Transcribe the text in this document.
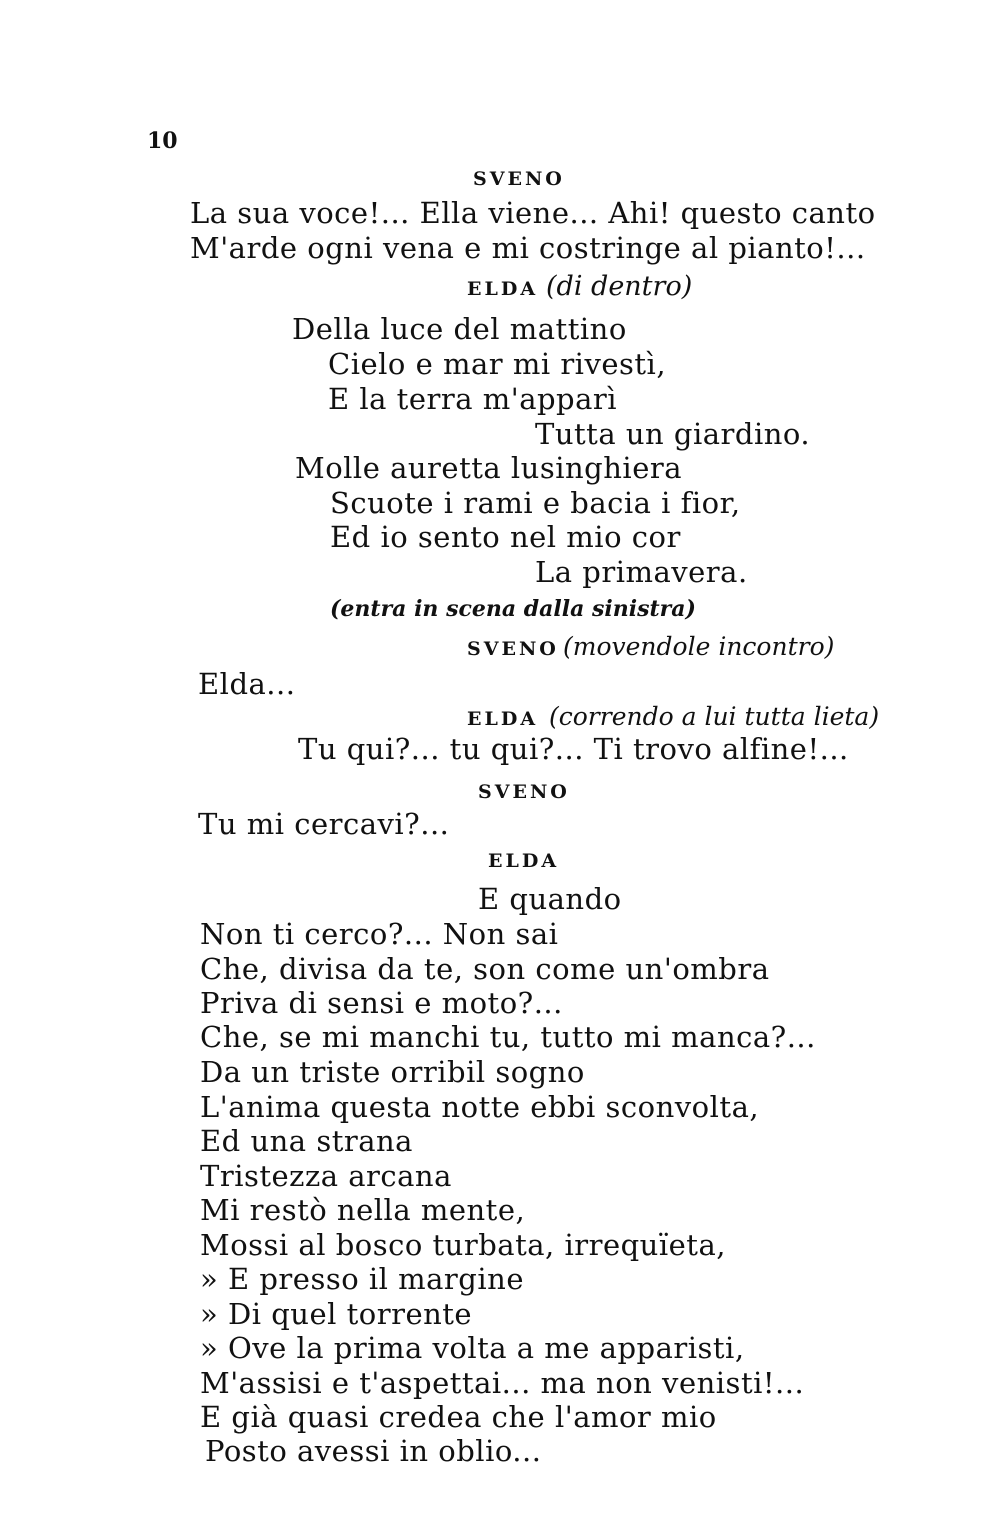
10
SVENO
La sua voce!... Ella viene... Ahi! questo canto
M'arde ogni vena e mi costringe al pianto!...
ELDA (di dentro)
Della luce del mattino
Cielo e mar mi rivestì,
E la terra m'apparì
Tutta un giardino.
Molle auretta lusinghiera
Scuote i rami e bacia i fior,
Ed io sento nel mio cor
La primavera.
(entra in scena dalla sinistra)
SVENO (movendole incontro)
Elda...
ELDA (correndo a lui tutta lieta)
Tu qui?... tu qui?... Ti trovo alfine!...
SVENO
Tu mi cercavi?...
ELDA
E quando
Non ti cerco?... Non sai
Che, divisa da te, son come un'ombra
Priva di sensi e moto?...
Che, se mi manchi tu, tutto mi manca?...
Da un triste orribil sogno
L'anima questa notte ebbi sconvolta,
Ed una strana
Tristezza arcana
Mi restò nella mente,
Mossi al bosco turbata, irrequïeta,
» E presso il margine
» Di quel torrente
» Ove la prima volta a me apparisti,
M'assisi e t'aspettai... ma non venisti!...
E già quasi credea che l'amor mio
Posto avessi in oblio...
